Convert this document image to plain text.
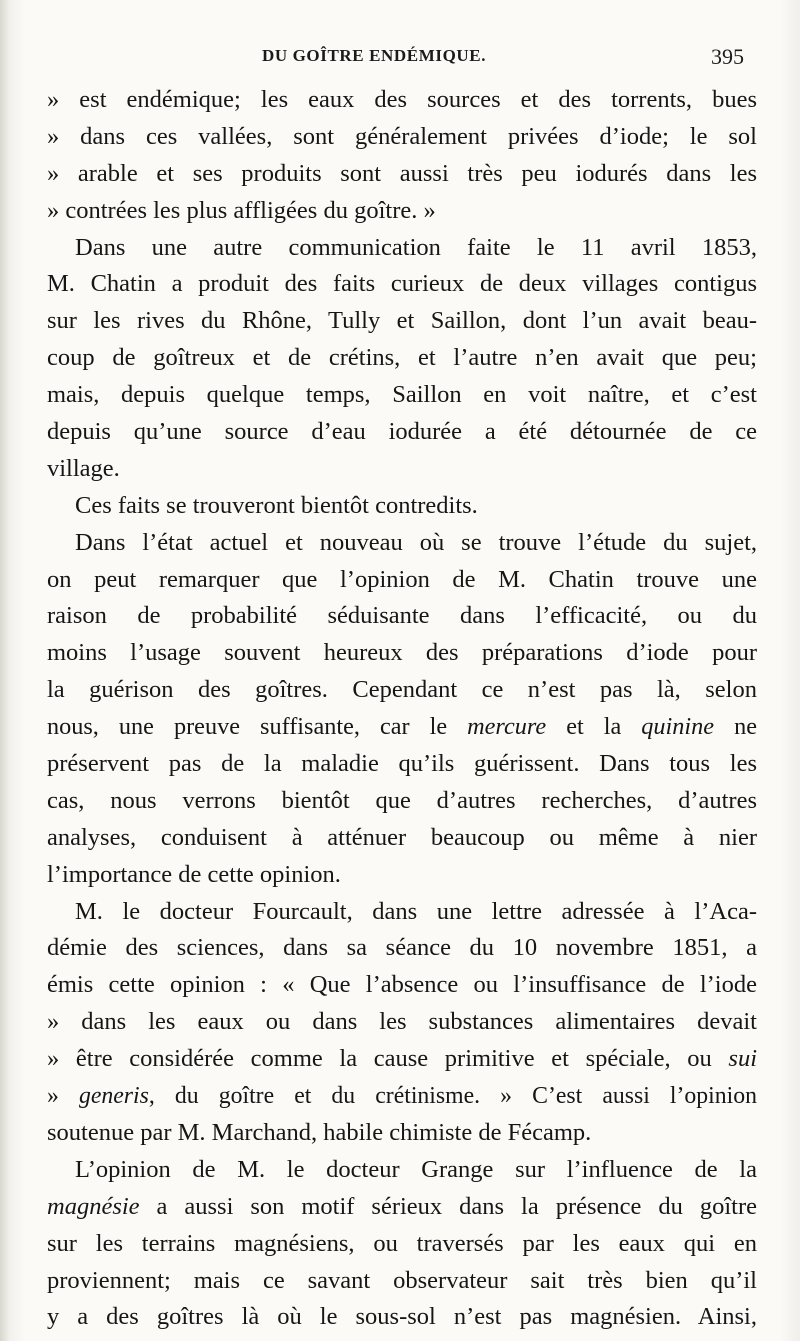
DU GOÎTRE ENDÉMIQUE.	395
» est endémique; les eaux des sources et des torrents, bues
» dans ces vallées, sont généralement privées d’iode; le sol
» arable et ses produits sont aussi très peu iodurés dans les
» contrées les plus affligées du goître. »
Dans une autre communication faite le 11 avril 1853,
M. Chatin a produit des faits curieux de deux villages contigus
sur les rives du Rhône, Tully et Saillon, dont l’un avait beau-
coup de goîtreux et de crétins, et l’autre n’en avait que peu;
mais, depuis quelque temps, Saillon en voit naître, et c’est
depuis qu’une source d’eau iodurée a été détournée de ce
village.
Ces faits se trouveront bientôt contredits.
Dans l’état actuel et nouveau où se trouve l’étude du sujet,
on peut remarquer que l’opinion de M. Chatin trouve une
raison de probabilité séduisante dans l’efficacité, ou du
moins l’usage souvent heureux des préparations d’iode pour
la guérison des goîtres. Cependant ce n’est pas là, selon
nous, une preuve suffisante, car le mercure et la quinine ne
préservent pas de la maladie qu’ils guérissent. Dans tous les
cas, nous verrons bientôt que d’autres recherches, d’autres
analyses, conduisent à atténuer beaucoup ou même à nier
l’importance de cette opinion.
M. le docteur Fourcault, dans une lettre adressée à l’Aca-
démie des sciences, dans sa séance du 10 novembre 1851, a
émis cette opinion : « Que l’absence ou l’insuffisance de l’iode
» dans les eaux ou dans les substances alimentaires devait
» être considérée comme la cause primitive et spéciale, ou sui
» generis, du goître et du crétinisme. » C’est aussi l’opinion
soutenue par M. Marchand, habile chimiste de Fécamp.
L’opinion de M. le docteur Grange sur l’influence de la
magnésie a aussi son motif sérieux dans la présence du goître
sur les terrains magnésiens, ou traversés par les eaux qui en
proviennent; mais ce savant observateur sait très bien qu’il
y a des goîtres là où le sous-sol n’est pas magnésien. Ainsi,
